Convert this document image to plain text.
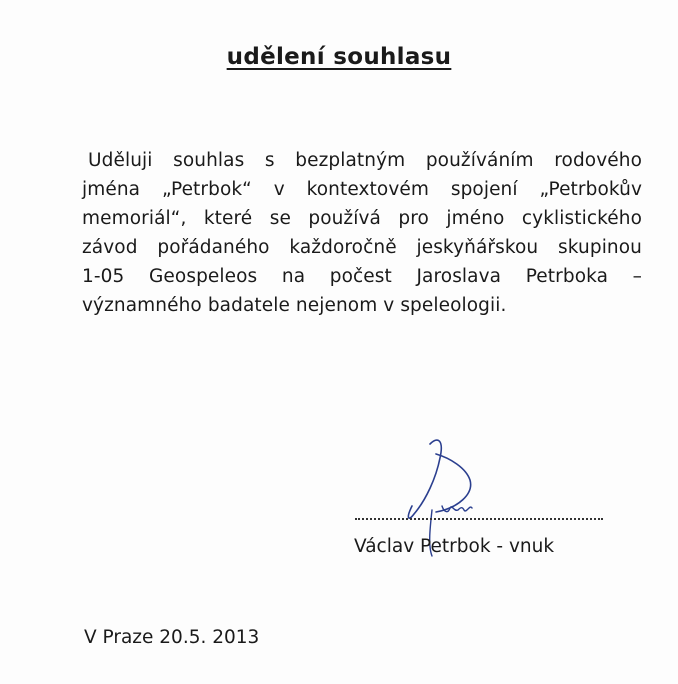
udělení souhlasu
Uděluji souhlas s bezplatným používáním rodového
jména „Petrbok“ v kontextovém spojení „Petrbokův
memoriál“, které se používá pro jméno cyklistického
závod pořádaného každoročně jeskyňářskou skupinou
1-05 Geospeleos na počest Jaroslava Petrboka –
významného badatele nejenom v speleologii.
Václav Petrbok - vnuk
V Praze 20.5. 2013
